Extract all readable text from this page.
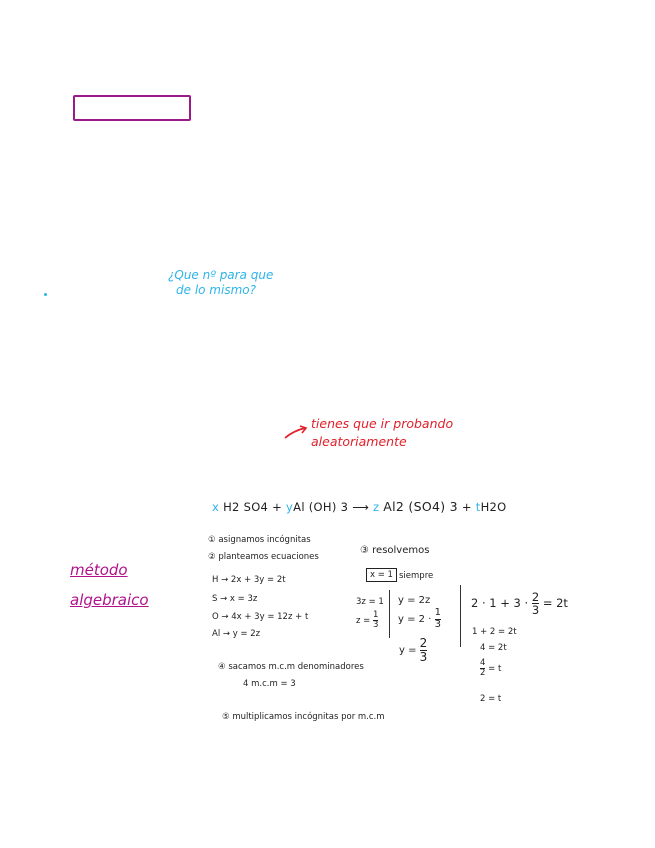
¿Que nº para que
de lo mismo?
tienes que ir probando
aleatoriamente
método
algebraico
x H2 SO4 + yAl (OH) 3 ⟶ z Al2 (SO4) 3 + tH2O
① asignamos incógnitas
② planteamos ecuaciones
H → 2x + 3y = 2t
S → x = 3z
O → 4x + 3y = 12z + t
Al → y = 2z
③ resolvemos
x = 1 siempre
3z = 1
$z = \frac{1}{3}$
y = 2z
$y = 2 \cdot \frac{1}{3}$
$y = \frac{2}{3}$
$2 \cdot 1 + 3 \cdot \frac{2}{3} = 2t$
1 + 2 = 2t
4 = 2t
$\frac{4}{2} = t$
2 = t
④ sacamos m.c.m denominadores
4 m.c.m = 3
⑤ multiplicamos incógnitas por m.c.m
